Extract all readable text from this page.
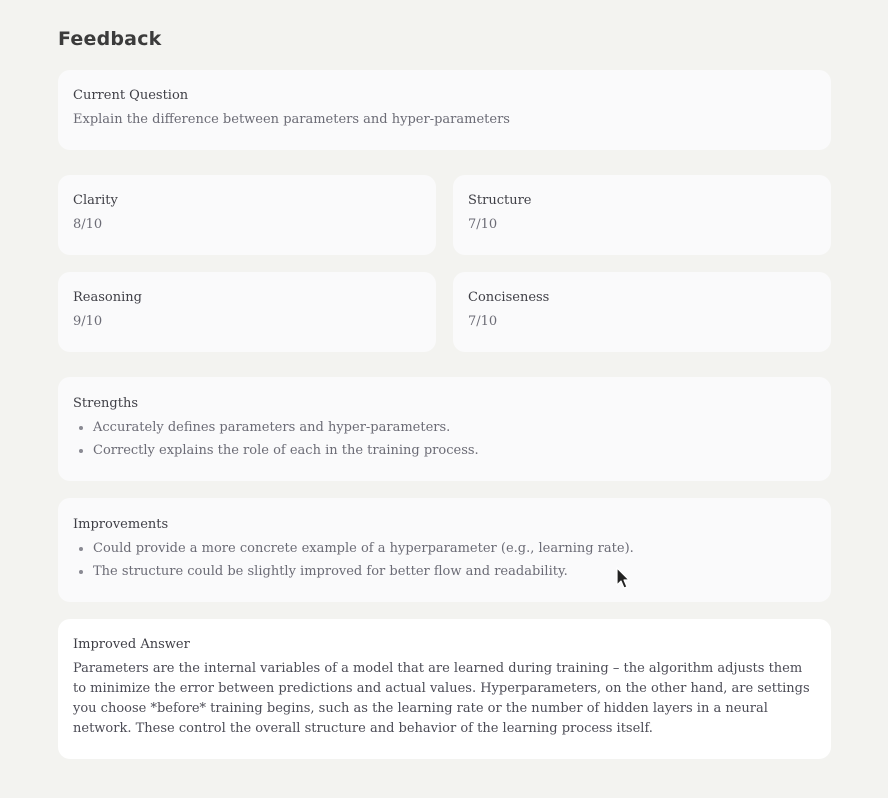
Feedback
Current Question
Explain the difference between parameters and hyper-parameters
Clarity
8/10
Structure
7/10
Reasoning
9/10
Conciseness
7/10
Strengths
Accurately defines parameters and hyper-parameters.
Correctly explains the role of each in the training process.
Improvements
Could provide a more concrete example of a hyperparameter (e.g., learning rate).
The structure could be slightly improved for better flow and readability.
Improved Answer

Parameters are the internal variables of a model that are learned during training – the algorithm adjusts them to minimize the error between predictions and actual values. Hyperparameters, on the other hand, are settings you choose *before* training begins, such as the learning rate or the number of hidden layers in a neural network. These control the overall structure and behavior of the learning process itself.
